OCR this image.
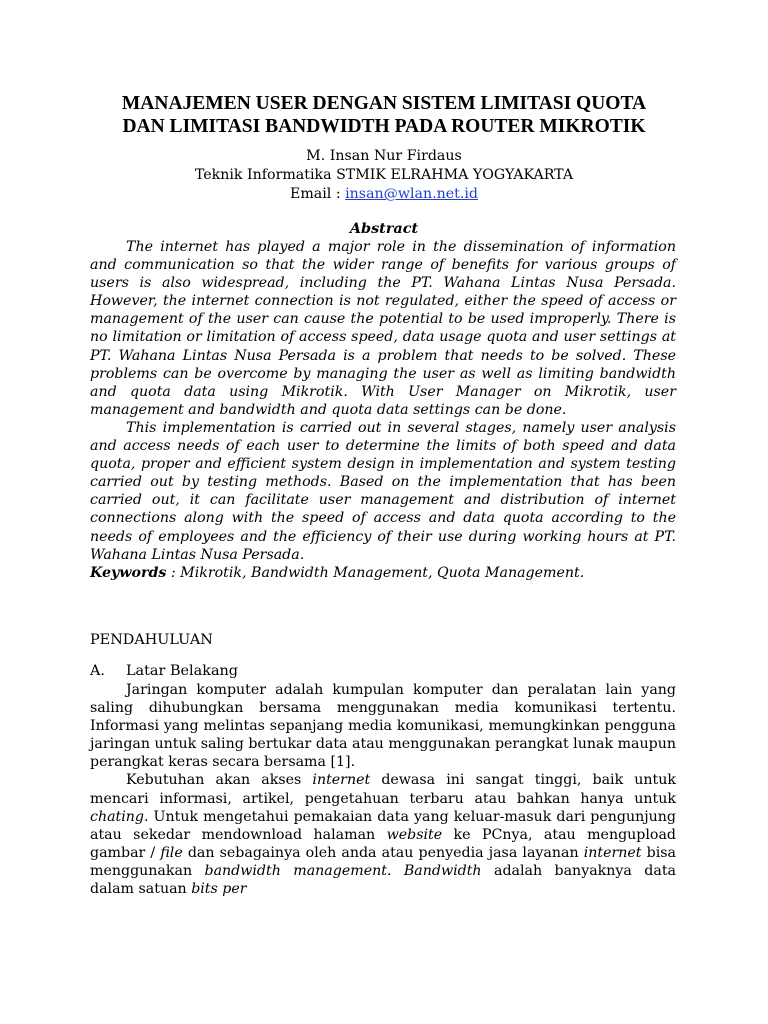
MANAJEMEN USER DENGAN SISTEM LIMITASI QUOTA
DAN LIMITASI BANDWIDTH PADA ROUTER MIKROTIK
M. Insan Nur Firdaus
Teknik Informatika STMIK ELRAHMA YOGYAKARTA
Email : insan@wlan.net.id
Abstract

The internet has played a major role in the dissemination of information and communication so that the wider range of benefits for various groups of users is also widespread, including the PT. Wahana Lintas Nusa Persada. However, the internet connection is not regulated, either the speed of access or management of the user can cause the potential to be used improperly. There is no limitation or limitation of access speed, data usage quota and user settings at PT. Wahana Lintas Nusa Persada is a problem that needs to be solved. These problems can be overcome by managing the user as well as limiting bandwidth and quota data using Mikrotik. With User Manager on Mikrotik, user management and bandwidth and quota data settings can be done.

This implementation is carried out in several stages, namely user analysis and access needs of each user to determine the limits of both speed and data quota, proper and efficient system design in implementation and system testing carried out by testing methods. Based on the implementation that has been carried out, it can facilitate user management and distribution of internet connections along with the speed of access and data quota according to the needs of employees and the efficiency of their use during working hours at PT. Wahana Lintas Nusa Persada.

Keywords : Mikrotik, Bandwidth Management, Quota Management.
PENDAHULUAN
A. Latar Belakang

Jaringan komputer adalah kumpulan komputer dan peralatan lain yang saling dihubungkan bersama menggunakan media komunikasi tertentu. Informasi yang melintas sepanjang media komunikasi, memungkinkan pengguna jaringan untuk saling bertukar data atau menggunakan perangkat lunak maupun perangkat keras secara bersama [1].

Kebutuhan akan akses internet dewasa ini sangat tinggi, baik untuk mencari informasi, artikel, pengetahuan terbaru atau bahkan hanya untuk chating. Untuk mengetahui pemakaian data yang keluar-masuk dari pengunjung atau sekedar mendownload halaman website ke PCnya, atau mengupload gambar / file dan sebagainya oleh anda atau penyedia jasa layanan internet bisa menggunakan bandwidth management. Bandwidth adalah banyaknya data dalam satuan bits per
